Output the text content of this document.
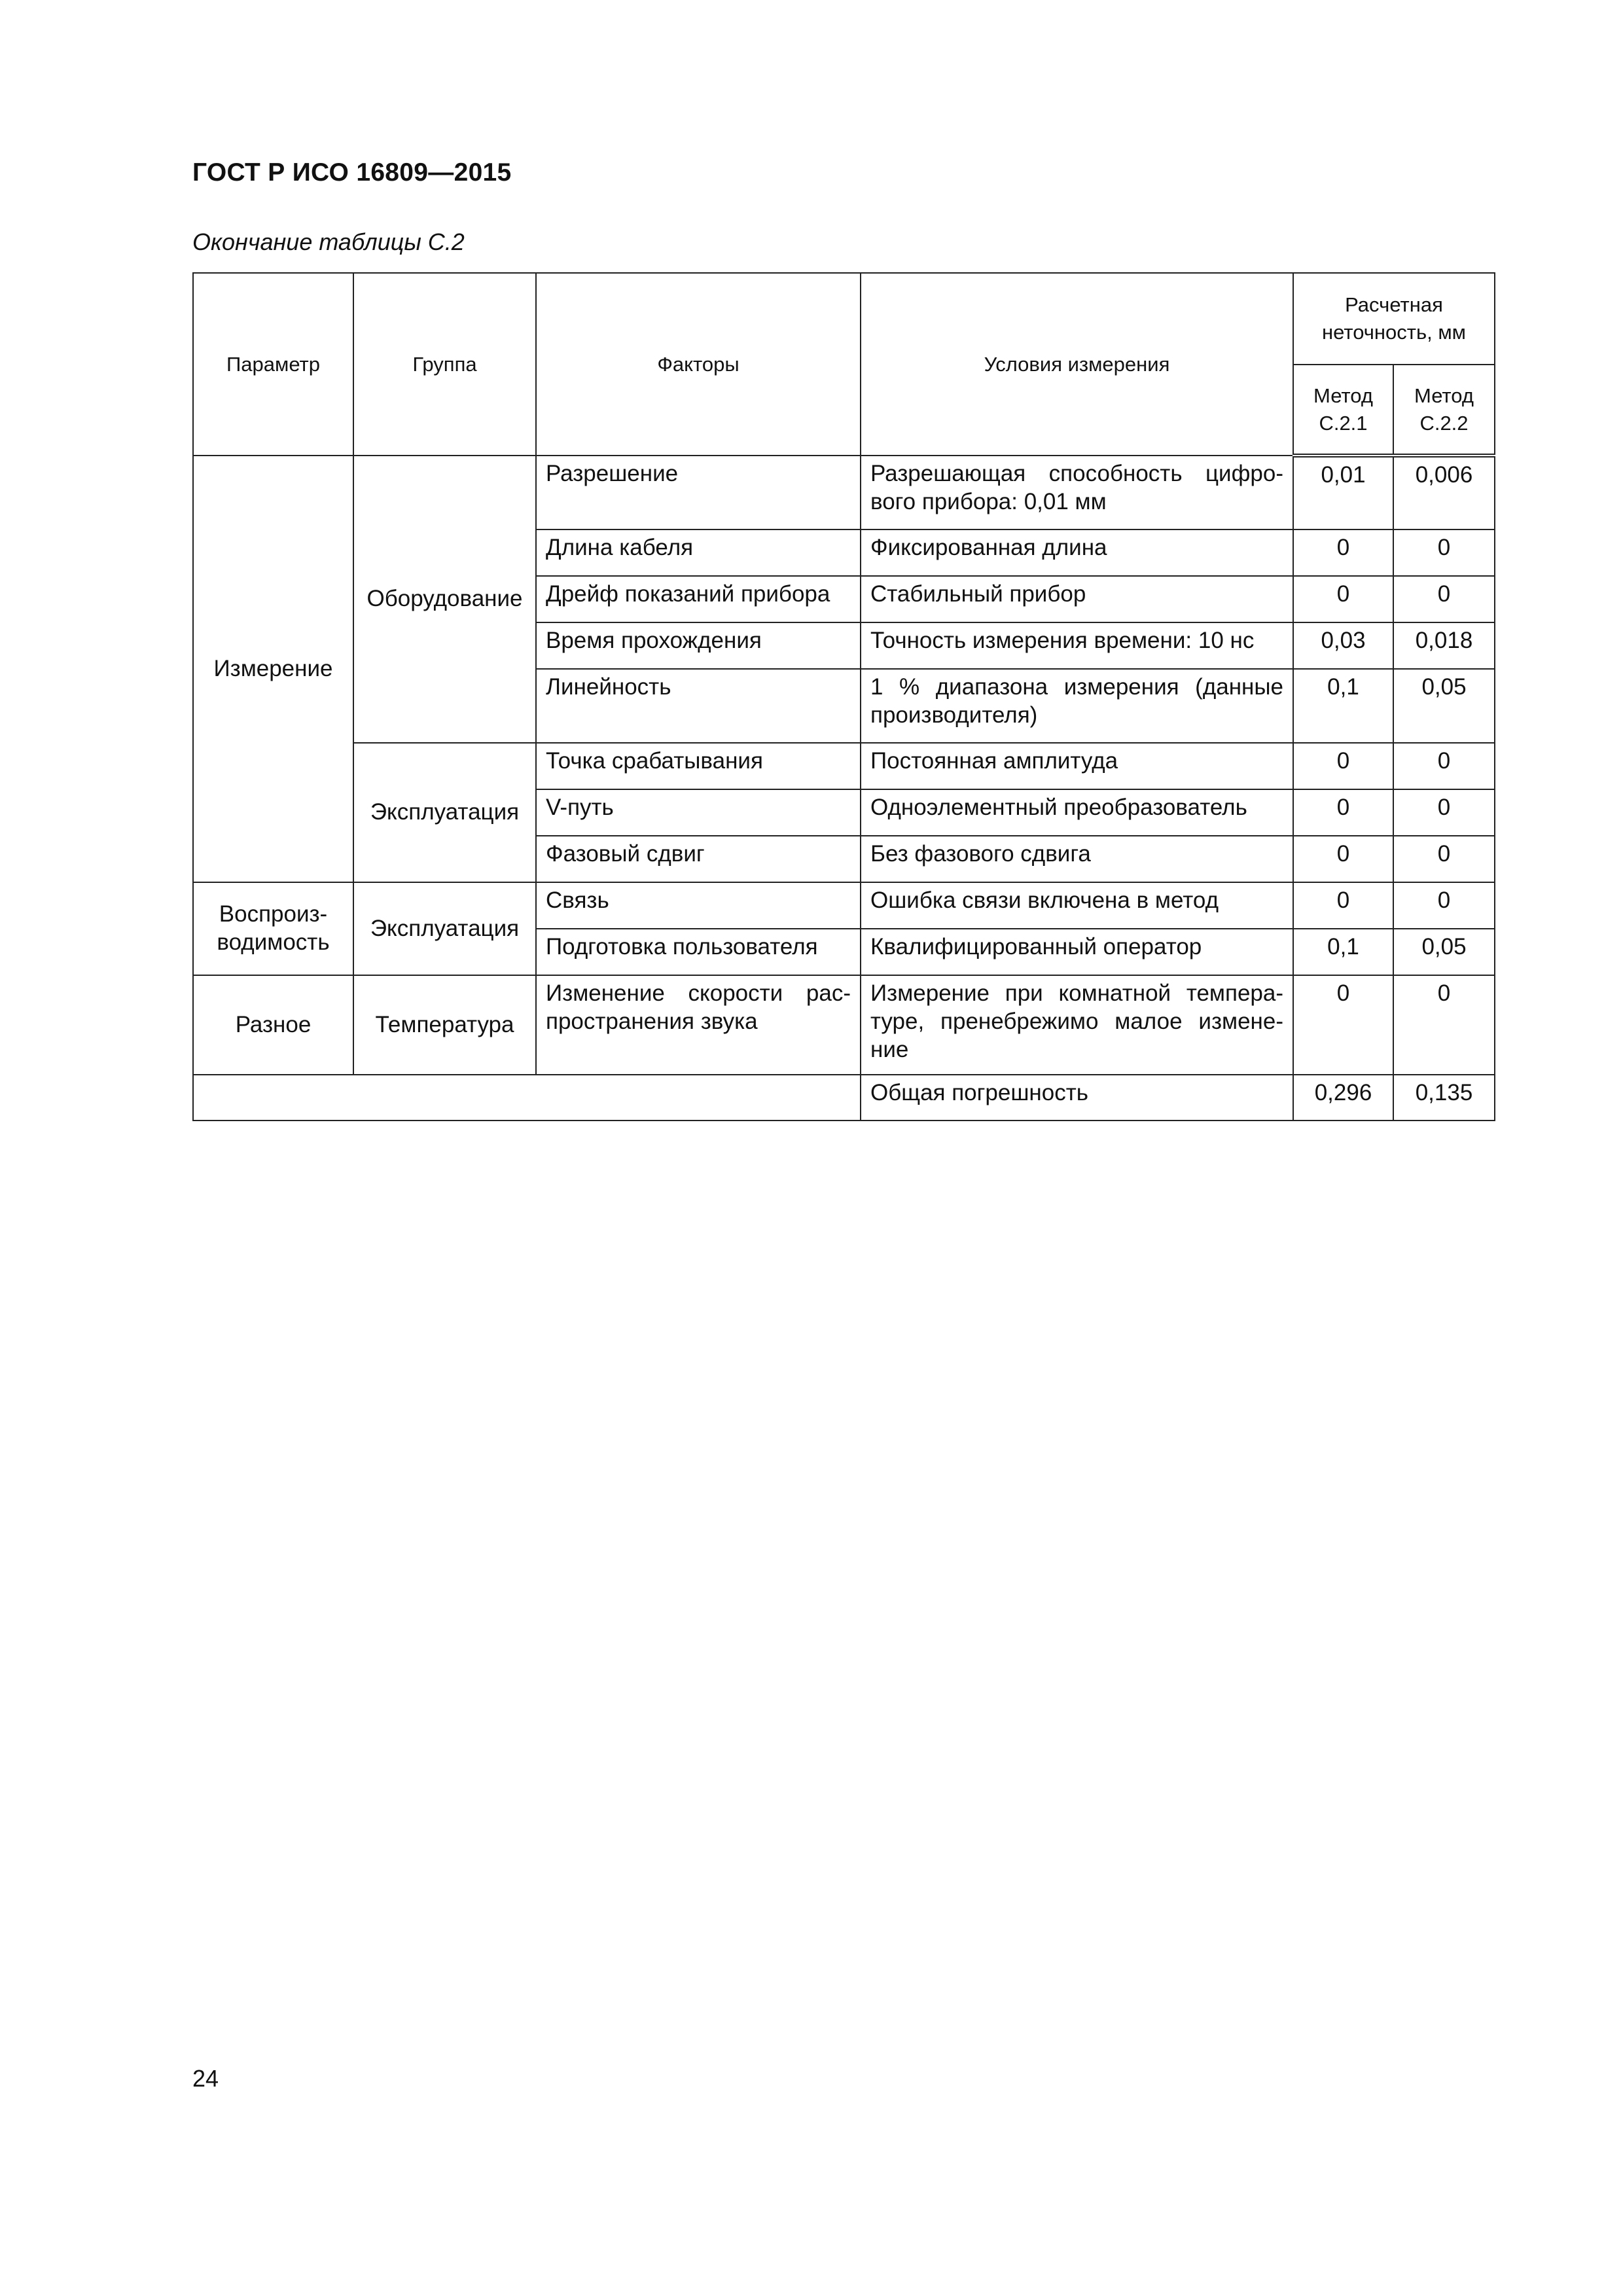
ГОСТ Р ИСО 16809—2015
Окончание таблицы С.2
Параметр	Группа	Факторы	Условия измерения	Расчетная неточность, мм	
				Метод С.2.1	Метод С.2.2
Измерение	Оборудование	Разрешение	Разрешающая способность цифро-вого прибора: 0,01 мм	0,01	0,006
		Длина кабеля	Фиксированная длина	0	0
		Дрейф показаний прибора	Стабильный прибор	0	0
		Время прохождения	Точность измерения времени: 10 нс	0,03	0,018
		Линейность	1 % диапазона измерения (данные производителя)	0,1	0,05
	Эксплуатация	Точка срабатывания	Постоянная амплитуда	0	0
		V-путь	Одноэлементный преобразователь	0	0
		Фазовый сдвиг	Без фазового сдвига	0	0
Воспроиз-водимость	Эксплуатация	Связь	Ошибка связи включена в метод	0	0
		Подготовка пользователя	Квалифицированный оператор	0,1	0,05
Разное	Температура	Изменение скорости рас-пространения звука	Измерение при комнатной темпера-туре, пренебрежимо малое измене-ние	0	0
			Общая погрешность	0,296	0,135
24
